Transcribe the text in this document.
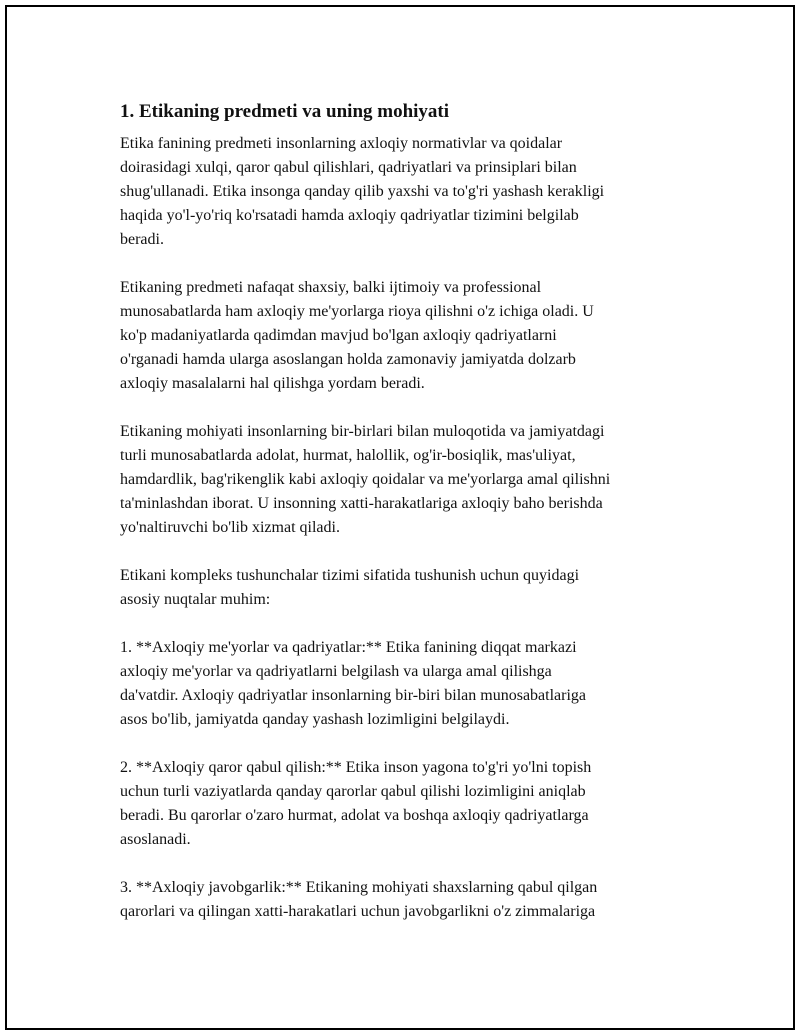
1. Etikaning predmeti va uning mohiyati

Etika fanining predmeti insonlarning axloqiy normativlar va qoidalar
doirasidagi xulqi, qaror qabul qilishlari, qadriyatlari va prinsiplari bilan
shug'ullanadi. Etika insonga qanday qilib yaxshi va to'g'ri yashash kerakligi
haqida yo'l-yo'riq ko'rsatadi hamda axloqiy qadriyatlar tizimini belgilab
beradi.

Etikaning predmeti nafaqat shaxsiy, balki ijtimoiy va professional
munosabatlarda ham axloqiy me'yorlarga rioya qilishni o'z ichiga oladi. U
ko'p madaniyatlarda qadimdan mavjud bo'lgan axloqiy qadriyatlarni
o'rganadi hamda ularga asoslangan holda zamonaviy jamiyatda dolzarb
axloqiy masalalarni hal qilishga yordam beradi.

Etikaning mohiyati insonlarning bir-birlari bilan muloqotida va jamiyatdagi
turli munosabatlarda adolat, hurmat, halollik, og'ir-bosiqlik, mas'uliyat,
hamdardlik, bag'rikenglik kabi axloqiy qoidalar va me'yorlarga amal qilishni
ta'minlashdan iborat. U insonning xatti-harakatlariga axloqiy baho berishda
yo'naltiruvchi bo'lib xizmat qiladi.

Etikani kompleks tushunchalar tizimi sifatida tushunish uchun quyidagi
asosiy nuqtalar muhim:

1. **Axloqiy me'yorlar va qadriyatlar:** Etika fanining diqqat markazi
axloqiy me'yorlar va qadriyatlarni belgilash va ularga amal qilishga
da'vatdir. Axloqiy qadriyatlar insonlarning bir-biri bilan munosabatlariga
asos bo'lib, jamiyatda qanday yashash lozimligini belgilaydi.

2. **Axloqiy qaror qabul qilish:** Etika inson yagona to'g'ri yo'lni topish
uchun turli vaziyatlarda qanday qarorlar qabul qilishi lozimligini aniqlab
beradi. Bu qarorlar o'zaro hurmat, adolat va boshqa axloqiy qadriyatlarga
asoslanadi.

3. **Axloqiy javobgarlik:** Etikaning mohiyati shaxslarning qabul qilgan
qarorlari va qilingan xatti-harakatlari uchun javobgarlikni o'z zimmalariga
